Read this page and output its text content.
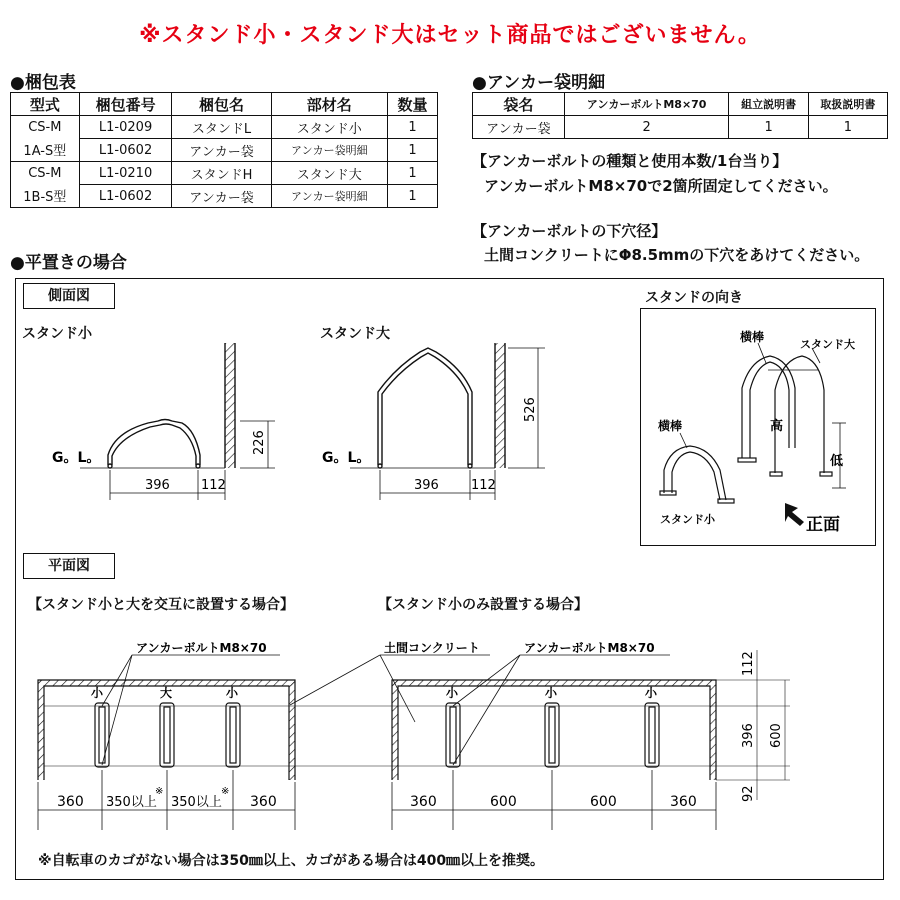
※スタンド小・スタンド大はセット商品ではございません。
●梱包表
型式	梱包番号	梱包名	部材名	数量
CS-M	L1-0209	スタンドL	スタンド小	1
1A-S型	L1-0602	アンカー袋	アンカー袋明細	1
CS-M	L1-0210	スタンドH	スタンド大	1
1B-S型	L1-0602	アンカー袋	アンカー袋明細	1
●アンカー袋明細
袋名	アンカーボルトM8×70	組立説明書	取扱説明書
アンカー袋	2	1	1
【アンカーボルトの種類と使用本数/1台当り】
アンカーボルトM8×70で2箇所固定してください。
【アンカーボルトの下穴径】
土間コンクリートにΦ8.5mmの下穴をあけてください。
●平置きの場合
側面図
スタンド小	スタンド大
G。L。
396 112
226
G。L。
396 112
526
スタンドの向き
横棒
スタンド大
横棒	高
低
スタンド小	正面
平面図
【スタンド小と大を交互に設置する場合】	【スタンド小のみ設置する場合】
小	大	小	小	小	小
アンカーボルトM8×70	土間コンクリート	アンカーボルトM8×70
360 350以上
※
350以上
※
360	360	600	600	360
112
396 600
92
※自転車のカゴがない場合は350㎜以上、カゴがある場合は400㎜以上を推奨。
